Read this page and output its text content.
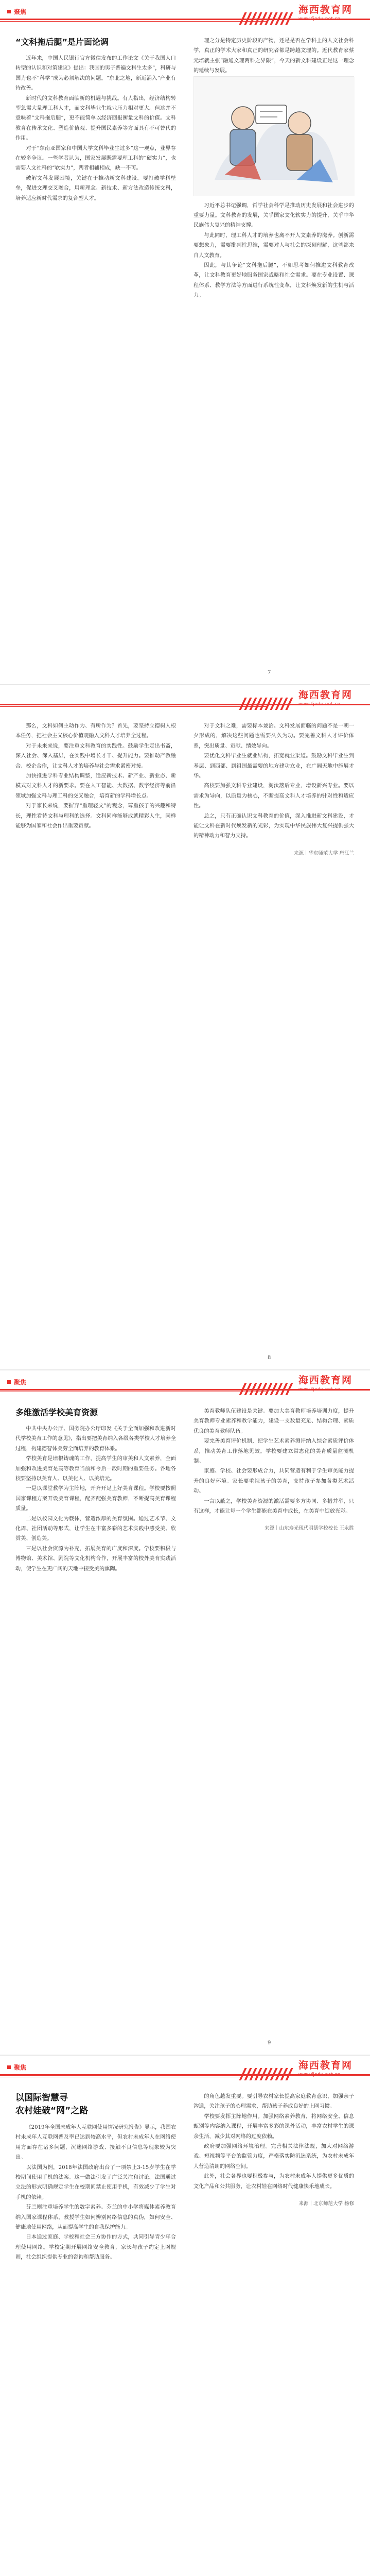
聚焦	海西教育网
“文科拖后腿”是片面论调

近年来，中国人民银行官方微信发布的工作论文《关于我国人口转型的认识和对策建议》提出：我国的男子普遍文科生太多“，科研与国力也不”科学”成为必须解决的问题。“东北之地，新近涌入”产业有待改善。

新时代的文科教育面临新的机遇与挑战。有人指出，经济结构转型急需大量理工科人才，而文科毕业生就业压力相对更大。但这并不意味着“文科拖后腿”，更不能简单以经济回报衡量文科的价值。文科教育在传承文化、塑造价值观、提升国民素养等方面具有不可替代的作用。

对于“东南亚国家和中国大学文科毕业生过多”这一观点，业界存在较多争议。一些学者认为，国家发展既需要理工科的“硬实力”，也需要人文社科的“软实力”，两者相辅相成，缺一不可。

破解文科发展困境，关键在于推动新文科建设。要打破学科壁垒，促进文理交叉融合，用新理念、新技术、新方法改造传统文科，培养适应新时代需求的复合型人才。

理之分是特定历史阶段的产物，还是是否在学科上的人文社会科学，真正的学术大家和真正的研究者都是跨越文理的。近代教育家蔡元培就主张“融通文理两科之界限”，今天的新文科建设正是这一理念的延续与发展。

习近平总书记强调，哲学社会科学是推动历史发展和社会进步的重要力量。文科教育的发展，关乎国家文化软实力的提升，关乎中华民族伟大复兴的精神支撑。

与此同时，理工科人才的培养也离不开人文素养的滋养。创新需要想象力，需要批判性思维，需要对人与社会的深刻理解，这些都来自人文教育。

因此，与其争论“文科拖后腿”，不如思考如何推进文科教育改革，让文科教育更好地服务国家战略和社会需求。要在专业设置、课程体系、教学方法等方面进行系统性变革，让文科焕发新的生机与活力。

7
海西教育网

那么，文科如何主动作为、有所作为？首先，要坚持立德树人根本任务，把社会主义核心价值观融入文科人才培养全过程。

对于未来来说，要注重文科教育的实践性。鼓励学生走出书斋，深入社会、深入基层，在实践中增长才干、提升能力。要推动产教融合、校企合作，让文科人才的培养与社会需求紧密对接。

加快推进学科专业结构调整，适应新技术、新产业、新业态、新模式对文科人才的新要求。要在人工智能、大数据、数字经济等前沿领域加强文科与理工科的交叉融合，培育新的学科增长点。

对于家长来说，要摒弃“重理轻文”的观念，尊重孩子的兴趣和特长，理性看待文科与理科的选择。文科同样能够成就精彩人生，同样能够为国家和社会作出重要贡献。

对于文科之难，需要标本兼治。文科发展面临的问题不是一朝一夕形成的，解决这些问题也需要久久为功。要完善文科人才评价体系，突出质量、贡献、绩效导向。

要优化文科毕业生就业结构，拓宽就业渠道。鼓励文科毕业生到基层、到西部、到祖国最需要的地方建功立业，在广阔天地中施展才华。

高校要加强文科专业建设，淘汰落后专业，增设新兴专业。要以需求为导向，以质量为核心，不断提高文科人才培养的针对性和适应性。

总之，只有正确认识文科教育的价值，深入推进新文科建设，才能让文科在新时代焕发新的光彩，为实现中华民族伟大复兴提供强大的精神动力和智力支持。

来源｜华东师范大学 唐江兰

8
聚焦	海西教育网
多维激活学校美育资源

中共中央办公厅、国务院办公厅印发《关于全面加强和改进新时代学校美育工作的意见》，指出要把美育纳入各级各类学校人才培养全过程，构建德智体美劳全面培养的教育体系。

学校美育是培根铸魂的工作，提高学生的审美和人文素养，全面加强和改进美育是高等教育当前和今后一段时期的重要任务。各地各校要坚持以美育人、以美化人、以美培元。

一是以课堂教学为主阵地，开齐开足上好美育课程。学校要按照国家课程方案开设美育课程，配齐配强美育教师，不断提高美育课程质量。

二是以校园文化为载体，营造浓厚的美育氛围。通过艺术节、文化周、社团活动等形式，让学生在丰富多彩的艺术实践中感受美、欣赏美、创造美。

三是以社会资源为补充，拓展美育的广度和深度。学校要积极与博物馆、美术馆、剧院等文化机构合作，开展丰富的校外美育实践活动，使学生在更广阔的天地中接受美的熏陶。

美育教师队伍建设是关键。要加大美育教师培养培训力度，提升美育教师专业素养和教学能力，建设一支数量充足、结构合理、素质优良的美育教师队伍。

要完善美育评价机制，把学生艺术素养测评纳入综合素质评价体系，推动美育工作落地见效。学校要建立常态化的美育质量监测机制。

家庭、学校、社会要形成合力，共同营造有利于学生审美能力提升的良好环境。家长要重视孩子的美育，支持孩子参加各类艺术活动。

一言以蔽之，学校美育资源的激活需要多方协同、多措并举，只有这样，才能让每一个学生都能在美育中成长，在美育中绽放光彩。

来源｜山东寿光现代明德学校校长 王永胜

9
聚焦	海西教育网
以国际智慧寻
农村娃破“网”之路

《2019年全国未成年人互联网使用情况研究报告》显示，我国农村未成年人互联网普及率已达到较高水平，但农村未成年人在网络使用方面存在诸多问题，沉迷网络游戏、接触不良信息等现象较为突出。

以法国为例，2018年法国政府出台了一项禁止3-15岁学生在学校期间使用手机的法案。这一做法引发了广泛关注和讨论。法国通过立法的形式明确规定学生在校期间禁止使用手机，有效减少了学生对手机的依赖。

芬兰则注重培养学生的数字素养。芬兰的中小学将媒体素养教育纳入国家课程体系，教授学生如何辨别网络信息的真伪，如何安全、健康地使用网络，从而提高学生的自我保护能力。

日本通过家庭、学校和社会三方协作的方式，共同引导青少年合理使用网络。学校定期开展网络安全教育，家长与孩子约定上网规则，社会组织提供专业的咨询和帮助服务。

的角色越发重要。要引导农村家长提高家庭教育意识，加强亲子沟通，关注孩子的心理需求，帮助孩子养成良好的上网习惯。

学校要发挥主阵地作用。加强网络素养教育，将网络安全、信息甄别等内容纳入课程，开展丰富多彩的课外活动，丰富农村学生的课余生活，减少其对网络的过度依赖。

政府要加强网络环境治理。完善相关法律法规，加大对网络游戏、短视频等平台的监管力度，严格落实防沉迷系统，为农村未成年人营造清朗的网络空间。

此外，社会各界也要积极参与，为农村未成年人提供更多优质的文化产品和公共服务，让农村娃在网络时代健康快乐地成长。

来源｜北京师范大学 杨修
